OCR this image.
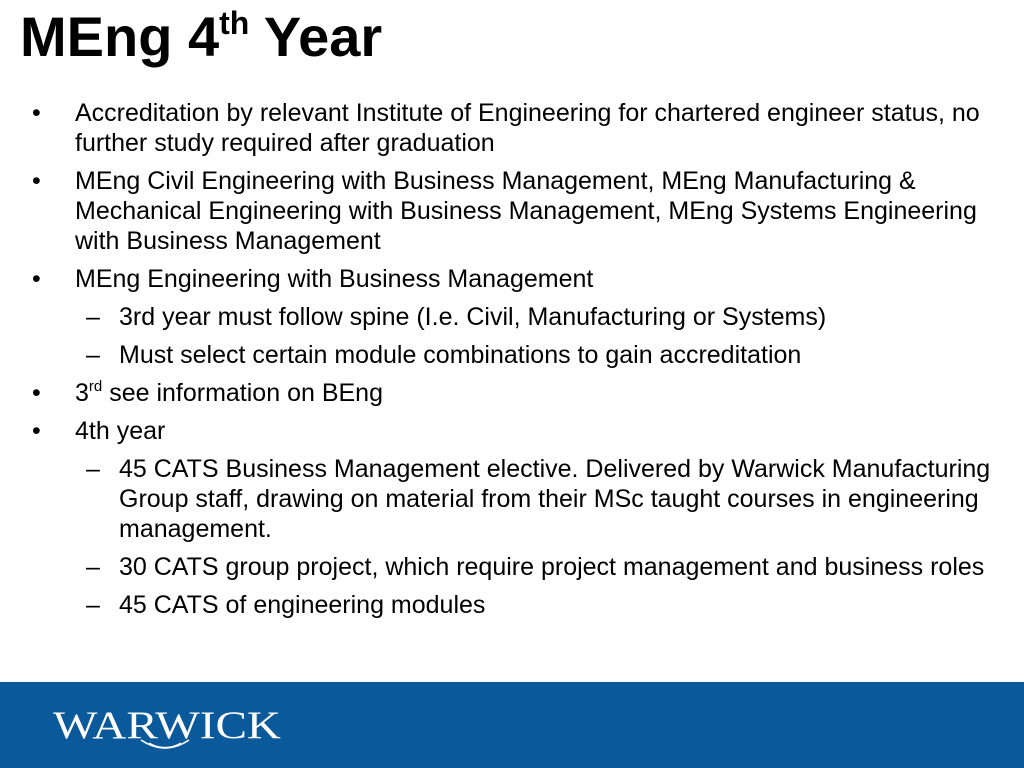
MEng 4th Year
• Accreditation by relevant Institute of Engineering for chartered engineer status, no further study required after graduation
• MEng Civil Engineering with Business Management, MEng Manufacturing & Mechanical Engineering with Business Management, MEng Systems Engineering with Business Management
• MEng Engineering with Business Management
– 3rd year must follow spine (I.e. Civil, Manufacturing or Systems)
– Must select certain module combinations to gain accreditation
• 3rd see information on BEng
• 4th year
– 45 CATS Business Management elective. Delivered by Warwick Manufacturing Group staff, drawing on material from their MSc taught courses in engineering management.
– 30 CATS group project, which require project management and business roles
– 45 CATS of engineering modules
WARWICK
